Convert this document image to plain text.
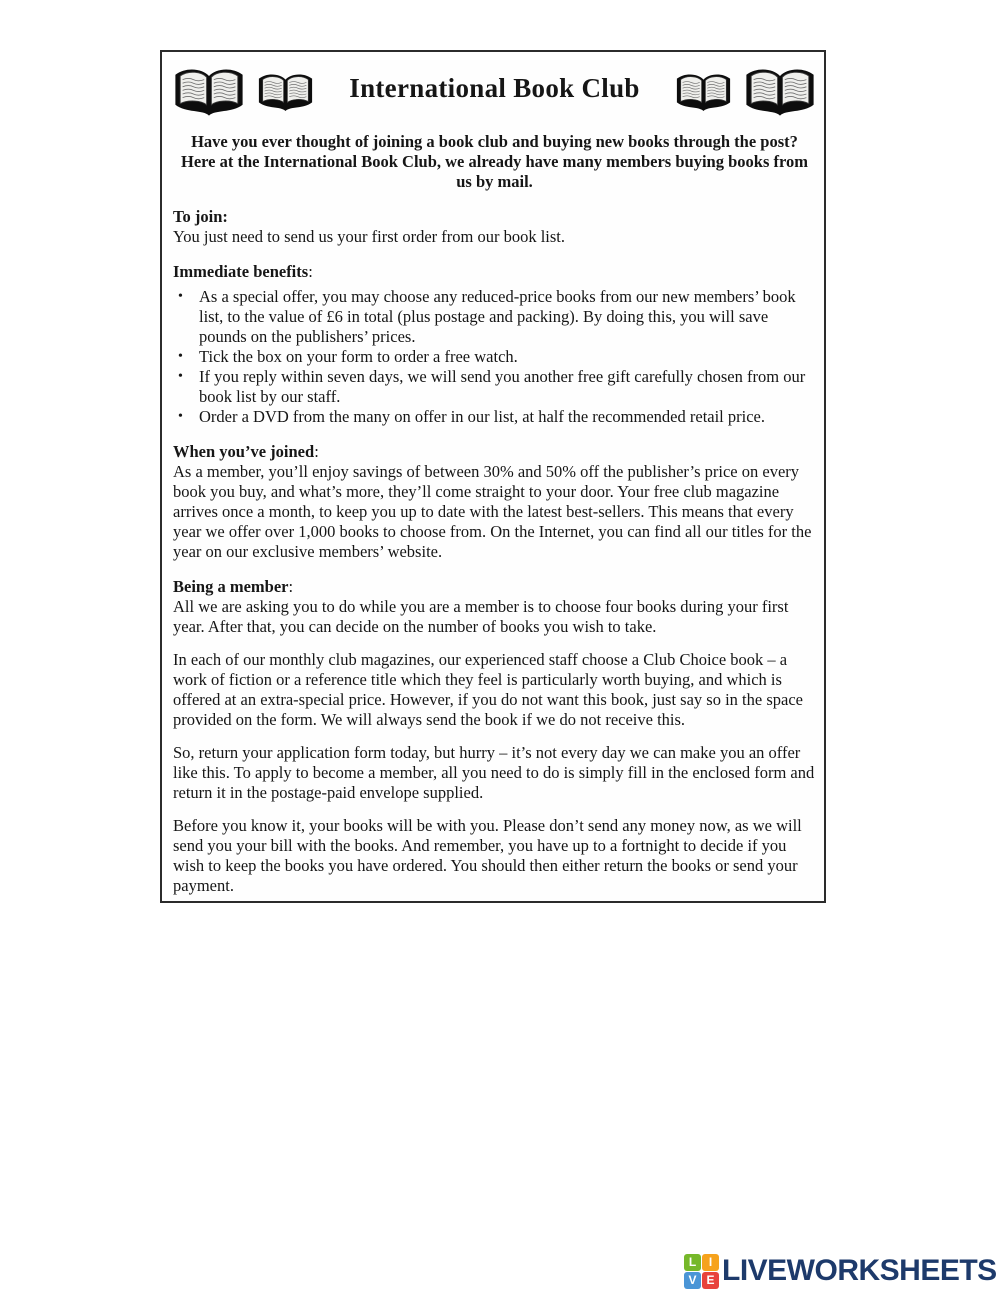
International Book Club

Have you ever thought of joining a book club and buying new books through the post? Here at the International Book Club, we already have many members buying books from us by mail.

To join:

You just need to send us your first order from our book list.

Immediate benefits:
• As a special offer, you may choose any reduced-price books from our new members’ book list, to the value of £6 in total (plus postage and packing). By doing this, you will save pounds on the publishers’ prices.
• Tick the box on your form to order a free watch.
• If you reply within seven days, we will send you another free gift carefully chosen from our book list by our staff.
• Order a DVD from the many on offer in our list, at half the recommended retail price.
When you’ve joined:

As a member, you’ll enjoy savings of between 30% and 50% off the publisher’s price on every book you buy, and what’s more, they’ll come straight to your door. Your free club magazine arrives once a month, to keep you up to date with the latest best-sellers. This means that every year we offer over 1,000 books to choose from. On the Internet, you can find all our titles for the year on our exclusive members’ website.

Being a member:

All we are asking you to do while you are a member is to choose four books during your first year. After that, you can decide on the number of books you wish to take.

In each of our monthly club magazines, our experienced staff choose a Club Choice book – a work of fiction or a reference title which they feel is particularly worth buying, and which is offered at an extra-special price. However, if you do not want this book, just say so in the space provided on the form. We will always send the book if we do not receive this.

So, return your application form today, but hurry – it’s not every day we can make you an offer like this. To apply to become a member, all you need to do is simply fill in the enclosed form and return it in the postage-paid envelope supplied.

Before you know it, your books will be with you. Please don’t send any money now, as we will send you your bill with the books. And remember, you have up to a fortnight to decide if you wish to keep the books you have ordered. You should then either return the books or send your payment.

L	I
V E LIVEWORKSHEETS
